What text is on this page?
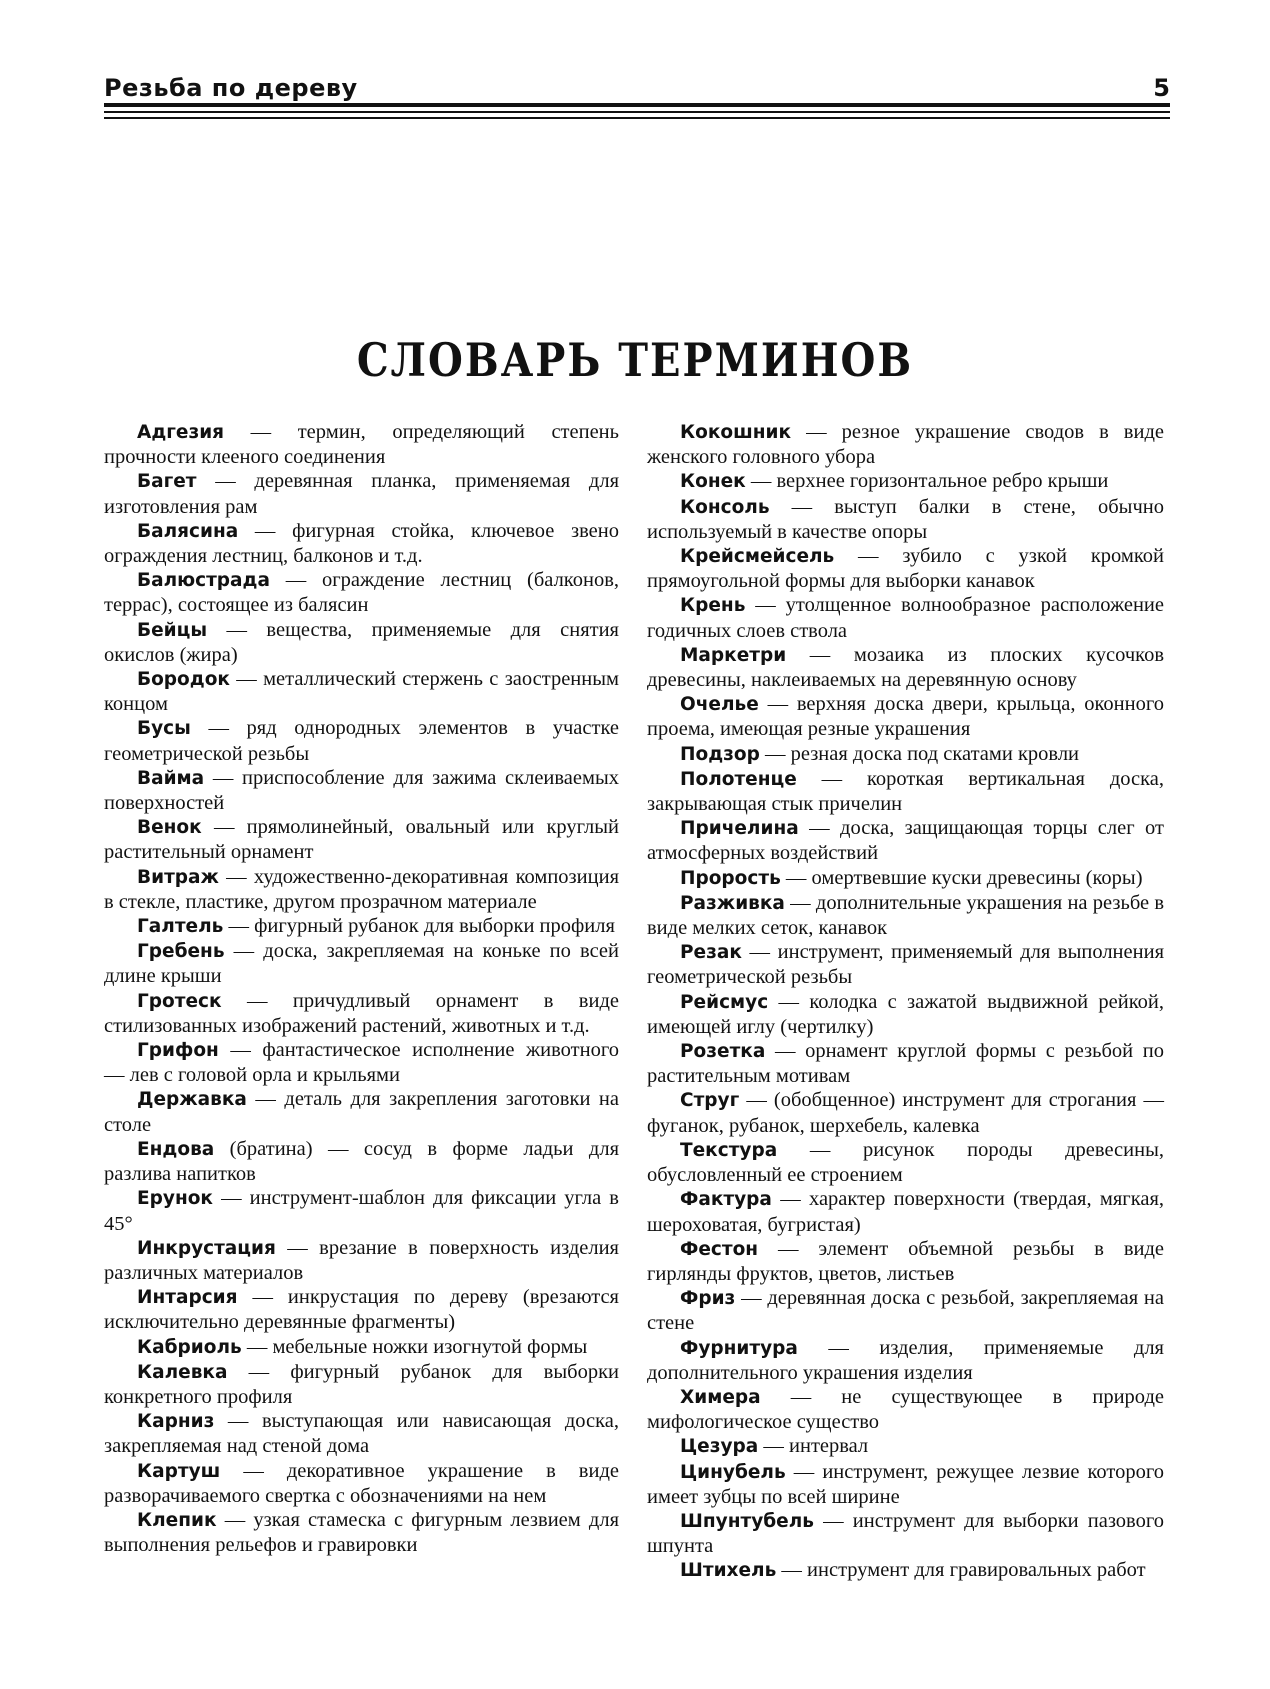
Резьба по дереву	5
СЛОВАРЬ ТЕРМИНОВ

Адгезия — термин, определяющий степень прочности клееного соединения

Багет — деревянная планка, применяемая для изготовления рам

Балясина — фигурная стойка, ключевое звено ограждения лестниц, балконов и т.д.

Балюстрада — ограждение лестниц (балконов, террас), состоящее из балясин

Бейцы — вещества, применяемые для снятия окислов (жира)

Бородок — металлический стержень с заостренным концом

Бусы — ряд однородных элементов в участке геометрической резьбы

Вайма — приспособление для зажима склеиваемых поверхностей

Венок — прямолинейный, овальный или круглый растительный орнамент

Витраж — художественно-декоративная композиция в стекле, пластике, другом прозрачном материале

Галтель — фигурный рубанок для выборки профиля

Гребень — доска, закрепляемая на коньке по всей длине крыши

Гротеск — причудливый орнамент в виде стилизованных изображений растений, животных и т.д.

Грифон — фантастическое исполнение животного — лев с головой орла и крыльями

Державка — деталь для закрепления заготовки на столе

Ендова (братина) — сосуд в форме ладьи для разлива напитков

Ерунок — инструмент-шаблон для фиксации угла в 45°

Инкрустация — врезание в поверхность изделия различных материалов

Интарсия — инкрустация по дереву (врезаются исключительно деревянные фрагменты)

Кабриоль — мебельные ножки изогнутой формы

Калевка — фигурный рубанок для выборки конкретного профиля

Карниз — выступающая или нависающая доска, закрепляемая над стеной дома

Картуш — декоративное украшение в виде разворачиваемого свертка с обозначениями на нем

Клепик — узкая стамеска с фигурным лезвием для выполнения рельефов и гравировки

Кокошник — резное украшение сводов в виде женского головного убора

Конек — верхнее горизонтальное ребро крыши

Консоль — выступ балки в стене, обычно используемый в качестве опоры

Крейсмейсель — зубило с узкой кромкой прямоугольной формы для выборки канавок

Крень — утолщенное волнообразное расположение годичных слоев ствола

Маркетри — мозаика из плоских кусочков древесины, наклеиваемых на деревянную основу

Очелье — верхняя доска двери, крыльца, оконного проема, имеющая резные украшения

Подзор — резная доска под скатами кровли

Полотенце — короткая вертикальная доска, закрывающая стык причелин

Причелина — доска, защищающая торцы слег от атмосферных воздействий

Прорость — омертвевшие куски древесины (коры)

Разживка — дополнительные украшения на резьбе в виде мелких сеток, канавок

Резак — инструмент, применяемый для выполнения геометрической резьбы

Рейсмус — колодка с зажатой выдвижной рейкой, имеющей иглу (чертилку)

Розетка — орнамент круглой формы с резьбой по растительным мотивам

Струг — (обобщенное) инструмент для строгания — фуганок, рубанок, шерхебель, калевка

Текстура — рисунок породы древесины, обусловленный ее строением

Фактура — характер поверхности (твердая, мягкая, шероховатая, бугристая)

Фестон — элемент объемной резьбы в виде гирлянды фруктов, цветов, листьев

Фриз — деревянная доска с резьбой, закрепляемая на стене

Фурнитура — изделия, применяемые для дополнительного украшения изделия

Химера — не существующее в природе мифологическое существо

Цезура — интервал

Цинубель — инструмент, режущее лезвие которого имеет зубцы по всей ширине

Шпунтубель — инструмент для выборки пазового шпунта

Штихель — инструмент для гравировальных работ
